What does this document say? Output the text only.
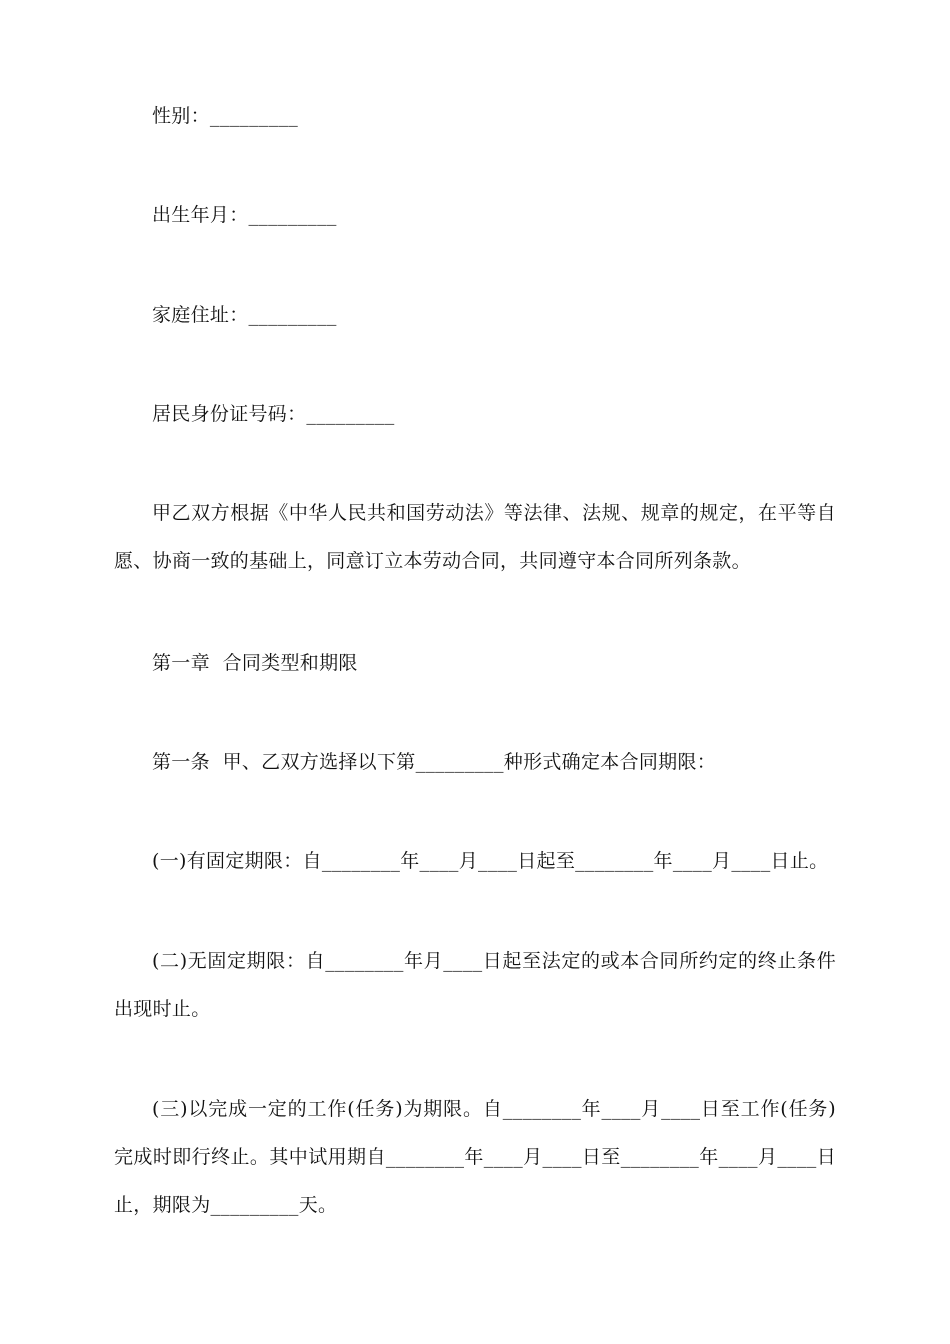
性别：_________
出生年月：_________
家庭住址：_________
居民身份证号码：_________
甲乙双方根据《中华人民共和国劳动法》等法律、法规、规章的规定，在平等自愿、协商一致的基础上，同意订立本劳动合同，共同遵守本合同所列条款。
第一章  合同类型和期限
第一条  甲、乙双方选择以下第_________种形式确定本合同期限：
(一)有固定期限：自________年____月____日起至________年____月____日止。
(二)无固定期限：自________年月____日起至法定的或本合同所约定的终止条件出现时止。
(三)以完成一定的工作(任务)为期限。自________年____月____日至工作(任务)完成时即行终止。其中试用期自________年____月____日至________年____月____日止，期限为_________天。
